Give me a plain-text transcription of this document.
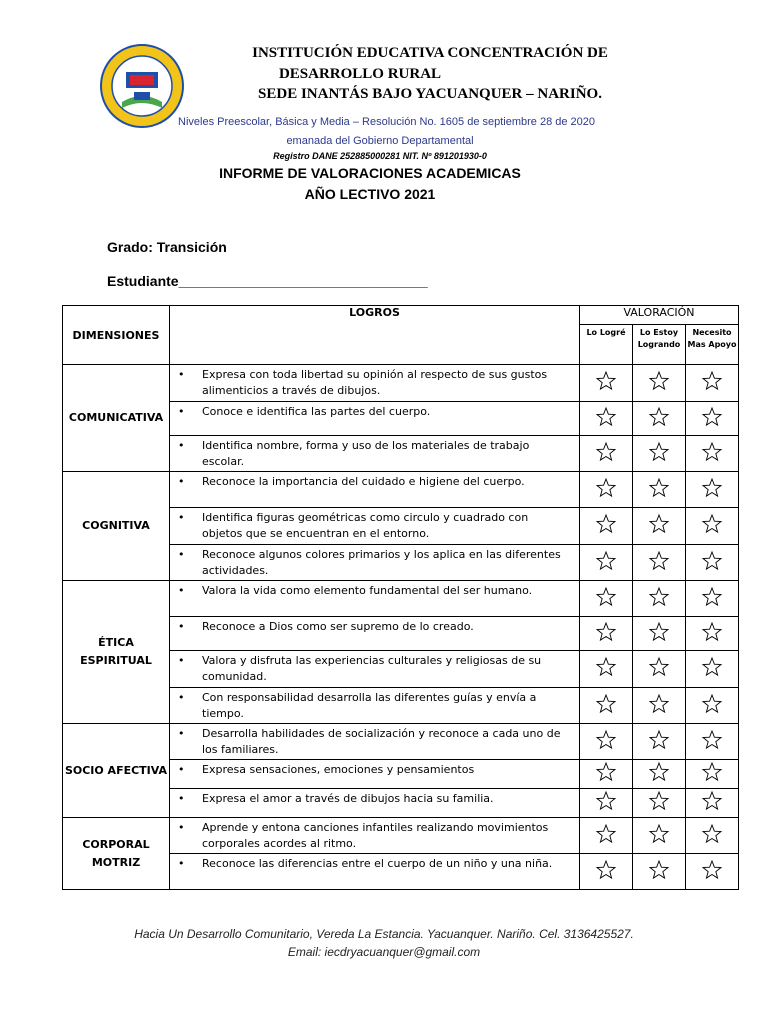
INSTITUCIÓN EDUCATIVA CONCENTRACIÓN DE
DESARROLLO RURAL
SEDE INANTÁS BAJO YACUANQUER – NARIÑO.
Niveles Preescolar, Básica y Media – Resolución No. 1605 de septiembre 28 de 2020
emanada del Gobierno Departamental
Registro DANE 252885000281 NIT. Nº 891201930-0
INFORME DE VALORACIONES ACADEMICAS
AÑO LECTIVO 2021
Grado: Transición
Estudiante________________________________
DIMENSIONES	LOGROS	VALORACIÓN		
		Lo Logré	Lo Estoy Logrando	Necesito Mas Apoyo
COMUNICATIVA	• Expresa con toda libertad su opinión al respecto de sus gustos alimenticios a través de dibujos.			
	• Conoce e identifica las partes del cuerpo.			
	• Identifica nombre, forma y uso de los materiales de trabajo escolar.			
COGNITIVA	• Reconoce la importancia del cuidado e higiene del cuerpo.			
	• Identifica figuras geométricas como circulo y cuadrado con objetos que se encuentran en el entorno.			
	• Reconoce algunos colores primarios y los aplica en las diferentes actividades.			
ÉTICA ESPIRITUAL	• Valora la vida como elemento fundamental del ser humano.			
	• Reconoce a Dios como ser supremo de lo creado.			
	• Valora y disfruta las experiencias culturales y religiosas de su comunidad.			
	• Con responsabilidad desarrolla las diferentes guías y envía a tiempo.			
SOCIO AFECTIVA	• Desarrolla habilidades de socialización y reconoce a cada uno de los familiares.			
	• Expresa sensaciones, emociones y pensamientos			
	• Expresa el amor a través de dibujos hacia su familia.			
CORPORAL MOTRIZ	• Aprende y entona canciones infantiles realizando movimientos corporales acordes al ritmo.			
	• Reconoce las diferencias entre el cuerpo de un niño y una niña.			
Hacia Un Desarrollo Comunitario, Vereda La Estancia. Yacuanquer. Nariño. Cel. 3136425527.
Email: iecdryacuanquer@gmail.com
